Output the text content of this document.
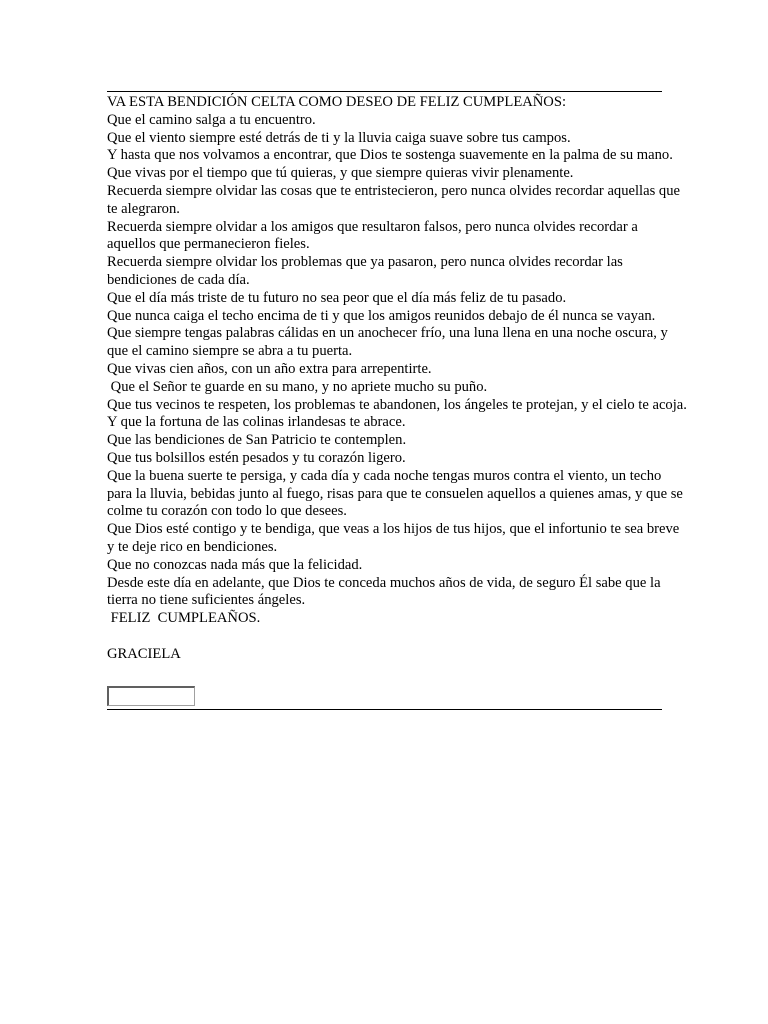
VA ESTA BENDICIÓN CELTA COMO DESEO DE FELIZ CUMPLEAÑOS:

Que el camino salga a tu encuentro.

Que el viento siempre esté detrás de ti y la lluvia caiga suave sobre tus campos.

Y hasta que nos volvamos a encontrar, que Dios te sostenga suavemente en la palma de su mano.

Que vivas por el tiempo que tú quieras, y que siempre quieras vivir plenamente.

Recuerda siempre olvidar las cosas que te entristecieron, pero nunca olvides recordar aquellas que te alegraron.

Recuerda siempre olvidar a los amigos que resultaron falsos, pero nunca olvides recordar a aquellos que permanecieron fieles.

Recuerda siempre olvidar los problemas que ya pasaron, pero nunca olvides recordar las bendiciones de cada día.

Que el día más triste de tu futuro no sea peor que el día más feliz de tu pasado.

Que nunca caiga el techo encima de ti y que los amigos reunidos debajo de él nunca se vayan.

Que siempre tengas palabras cálidas en un anochecer frío, una luna llena en una noche oscura, y que el camino siempre se abra a tu puerta.

Que vivas cien años, con un año extra para arrepentirte.

Que el Señor te guarde en su mano, y no apriete mucho su puño.

Que tus vecinos te respeten, los problemas te abandonen, los ángeles te protejan, y el cielo te acoja. Y que la fortuna de las colinas irlandesas te abrace.

Que las bendiciones de San Patricio te contemplen.

Que tus bolsillos estén pesados y tu corazón ligero.

Que la buena suerte te persiga, y cada día y cada noche tengas muros contra el viento, un techo para la lluvia, bebidas junto al fuego, risas para que te consuelen aquellos a quienes amas, y que se colme tu corazón con todo lo que desees.

Que Dios esté contigo y te bendiga, que veas a los hijos de tus hijos, que el infortunio te sea breve y te deje rico en bendiciones.

Que no conozcas nada más que la felicidad.

Desde este día en adelante, que Dios te conceda muchos años de vida, de seguro Él sabe que la tierra no tiene suficientes ángeles.

FELIZ  CUMPLEAÑOS.

GRACIELA
